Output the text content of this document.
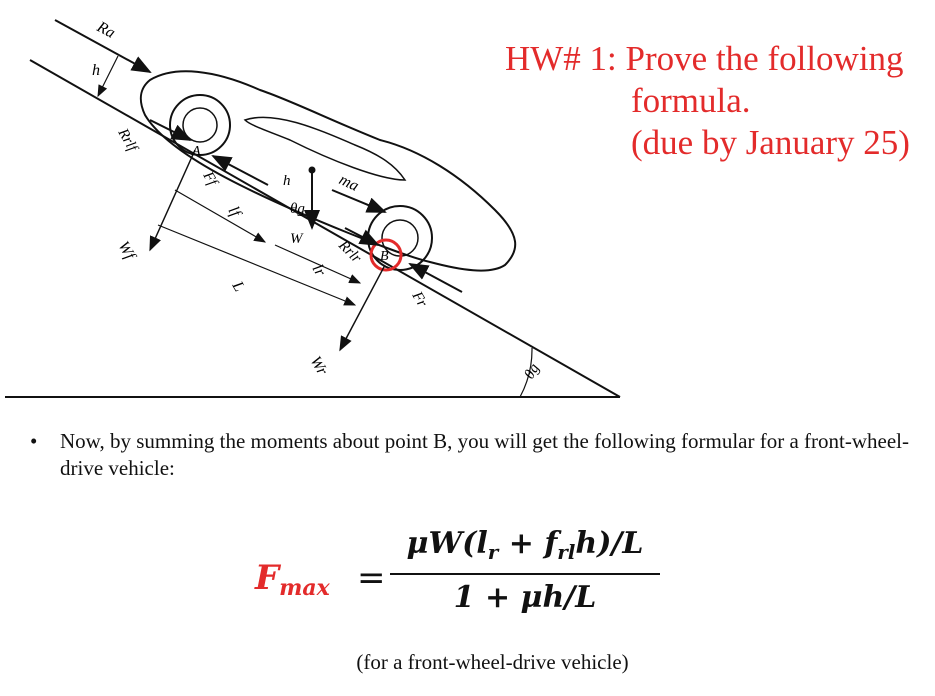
Ra
h
Rrlf
Wf
Ff
lf
L
h
θg
W
ma
Rrlr
lr
A
B
Fr
Wr	θg
HW# 1: Prove the following
formula.
(due by January 25)
•	Now, by summing the moments about point B, you will get the following formular for a front-wheel-drive vehicle:
$F_{max}$ =
$\mu W(l_r + f_{rl}h)/L$
1 + μh/L
(for a front-wheel-drive vehicle)
